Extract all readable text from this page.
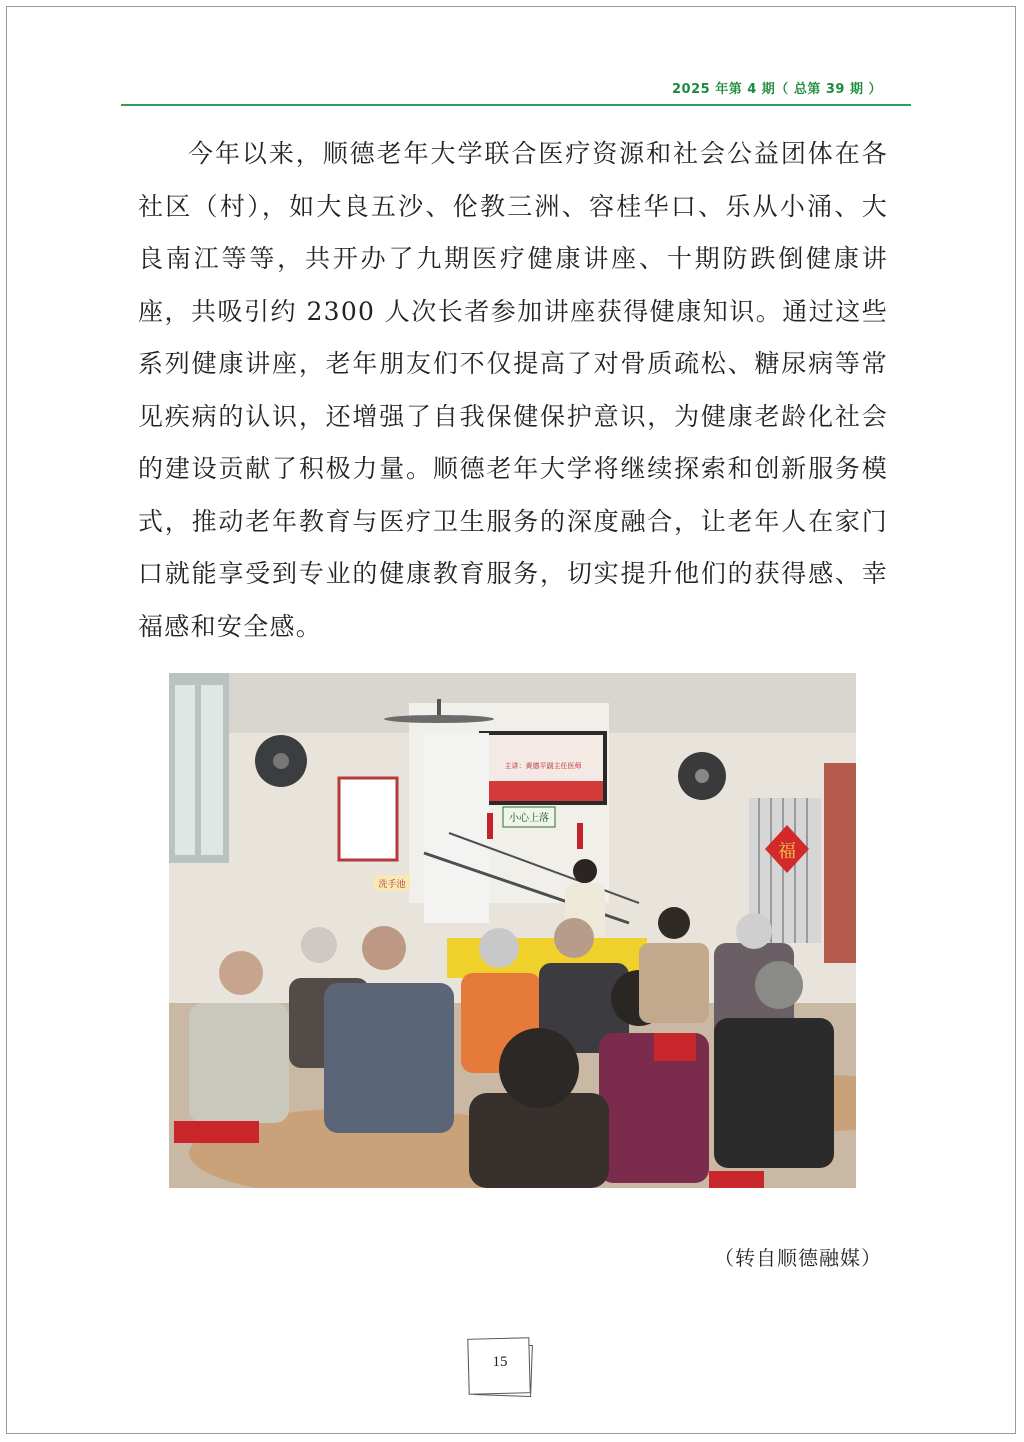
2025 年第 4 期（ 总第 39 期 ）

今年以来，顺德老年大学联合医疗资源和社会公益团体在各社区（村），如大良五沙、伦教三洲、容桂华口、乐从小涌、大良南江等等，共开办了九期医疗健康讲座、十期防跌倒健康讲座，共吸引约 2300 人次长者参加讲座获得健康知识。通过这些系列健康讲座，老年朋友们不仅提高了对骨质疏松、糖尿病等常见疾病的认识，还增强了自我保健保护意识，为健康老龄化社会的建设贡献了积极力量。顺德老年大学将继续探索和创新服务模式，推动老年教育与医疗卫生服务的深度融合，让老年人在家门口就能享受到专业的健康教育服务，切实提升他们的获得感、幸福感和安全感。

主讲：黄德平副主任医师
小心上落
洗手池
福
（转自顺德融媒）
15
